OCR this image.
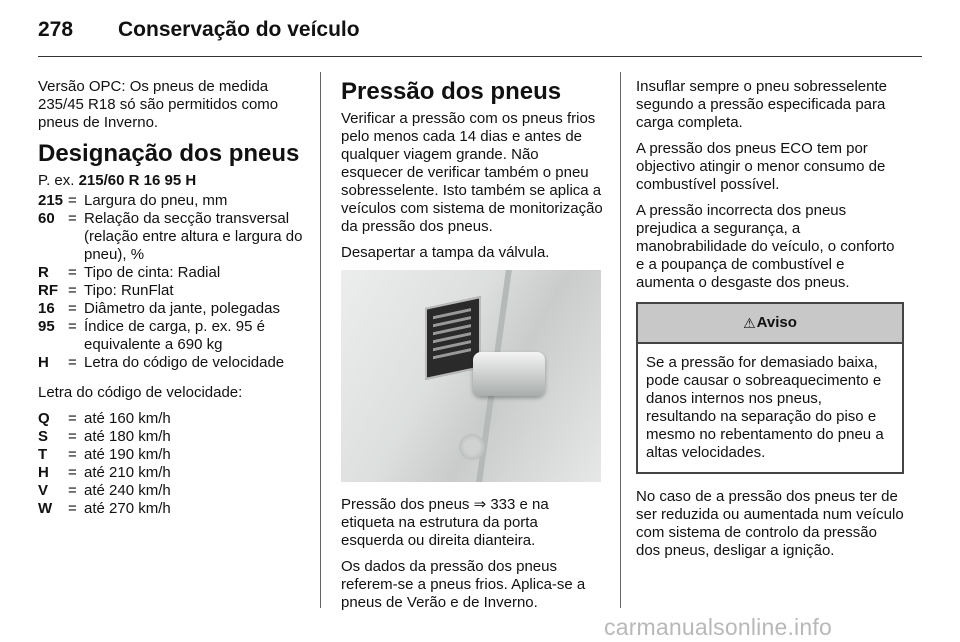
278	Conservação do veículo

Versão OPC: Os pneus de medida 235/45 R18 só são permitidos como pneus de Inverno.

Designação dos pneus

P. ex. 215/60 R 16 95 H

215 = Largura do pneu, mm
60 = Relação da secção transversal (relação entre altura e largura do pneu), %
R	= Tipo de cinta: Radial
RF = Tipo: RunFlat
16 = Diâmetro da jante, polegadas
95 = Índice de carga, p. ex. 95 é equivalente a 690 kg
H	= Letra do código de velocidade

Letra do código de velocidade:

Q	= até 160 km/h
S	= até 180 km/h
T	= até 190 km/h
H	= até 210 km/h
V	= até 240 km/h
W	= até 270 km/h
Pressão dos pneus

Verificar a pressão com os pneus frios pelo menos cada 14 dias e antes de qualquer viagem grande. Não esquecer de verificar também o pneu sobresselente. Isto também se aplica a veículos com sistema de monitorização da pressão dos pneus.

Desapertar a tampa da válvula.

Pressão dos pneus ⇒ 333 e na etiqueta na estrutura da porta esquerda ou direita dianteira.

Os dados da pressão dos pneus referem-se a pneus frios. Aplica-se a pneus de Verão e de Inverno.

Insuflar sempre o pneu sobresselente segundo a pressão especificada para carga completa.

A pressão dos pneus ECO tem por objectivo atingir o menor consumo de combustível possível.

A pressão incorrecta dos pneus prejudica a segurança, a manobrabilidade do veículo, o conforto e a poupança de combustível e aumenta o desgaste dos pneus.

⚠ Aviso
Se a pressão for demasiado baixa, pode causar o sobreaquecimento e danos internos nos pneus, resultando na separação do piso e mesmo no rebentamento do pneu a altas velocidades.

No caso de a pressão dos pneus ter de ser reduzida ou aumentada num veículo com sistema de controlo da pressão dos pneus, desligar a ignição.

carmanualsonline.info
